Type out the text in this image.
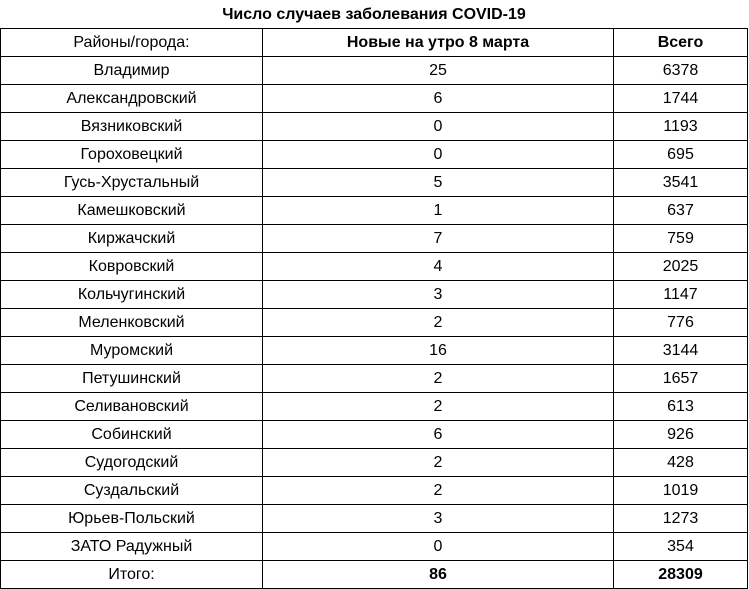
Число случаев заболевания COVID-19		
Районы/города:	Новые на утро 8 марта	Всего
Владимир	25	6378
Александровский	6	1744
Вязниковский	0	1193
Гороховецкий	0	695
Гусь-Хрустальный	5	3541
Камешковский	1	637
Киржачский	7	759
Ковровский	4	2025
Кольчугинский	3	1147
Меленковский	2	776
Муромский	16	3144
Петушинский	2	1657
Селивановский	2	613
Собинский	6	926
Судогодский	2	428
Суздальский	2	1019
Юрьев-Польский	3	1273
ЗАТО Радужный	0	354
Итого:	86	28309
